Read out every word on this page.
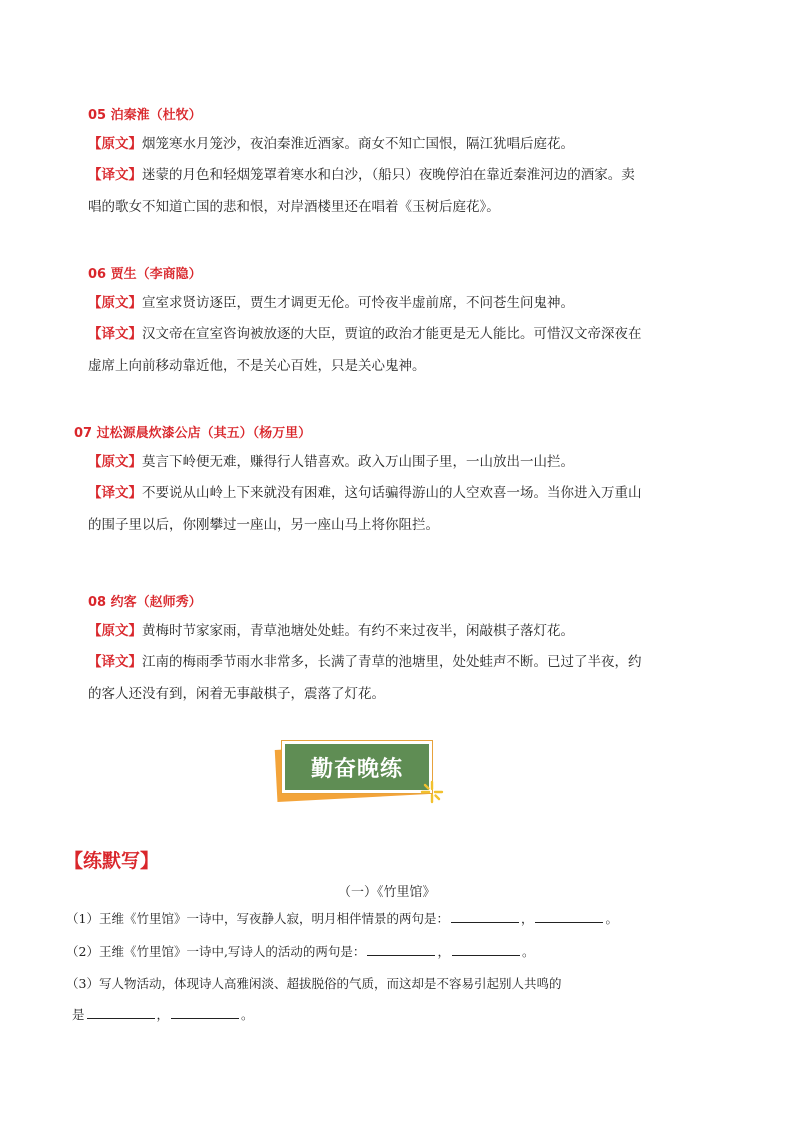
05 泊秦淮（杜牧）
【原文】烟笼寒水月笼沙，夜泊秦淮近酒家。商女不知亡国恨，隔江犹唱后庭花。
【译文】迷蒙的月色和轻烟笼罩着寒水和白沙，（船只）夜晚停泊在靠近秦淮河边的酒家。卖
唱的歌女不知道亡国的悲和恨，对岸酒楼里还在唱着《玉树后庭花》。
06 贾生（李商隐）
【原文】宣室求贤访逐臣，贾生才调更无伦。可怜夜半虚前席，不问苍生问鬼神。
【译文】汉文帝在宣室咨询被放逐的大臣，贾谊的政治才能更是无人能比。可惜汉文帝深夜在
虚席上向前移动靠近他，不是关心百姓，只是关心鬼神。
07 过松源晨炊漆公店（其五）（杨万里）
【原文】莫言下岭便无难，赚得行人错喜欢。政入万山围子里，一山放出一山拦。
【译文】不要说从山岭上下来就没有困难，这句话骗得游山的人空欢喜一场。当你进入万重山
的围子里以后，你刚攀过一座山，另一座山马上将你阻拦。
08 约客（赵师秀）
【原文】黄梅时节家家雨，青草池塘处处蛙。有约不来过夜半，闲敲棋子落灯花。
【译文】江南的梅雨季节雨水非常多，长满了青草的池塘里，处处蛙声不断。已过了半夜，约
的客人还没有到，闲着无事敲棋子，震落了灯花。
勤奋晚练
【练默写】
（一）《竹里馆》
（1）王维《竹里馆》一诗中，写夜静人寂，明月相伴情景的两句是：	，	。
（2）王维《竹里馆》一诗中,写诗人的活动的两句是：	，	。
（3）写人物活动，体现诗人高雅闲淡、超拔脱俗的气质，而这却是不容易引起别人共鸣的
是	，	。
